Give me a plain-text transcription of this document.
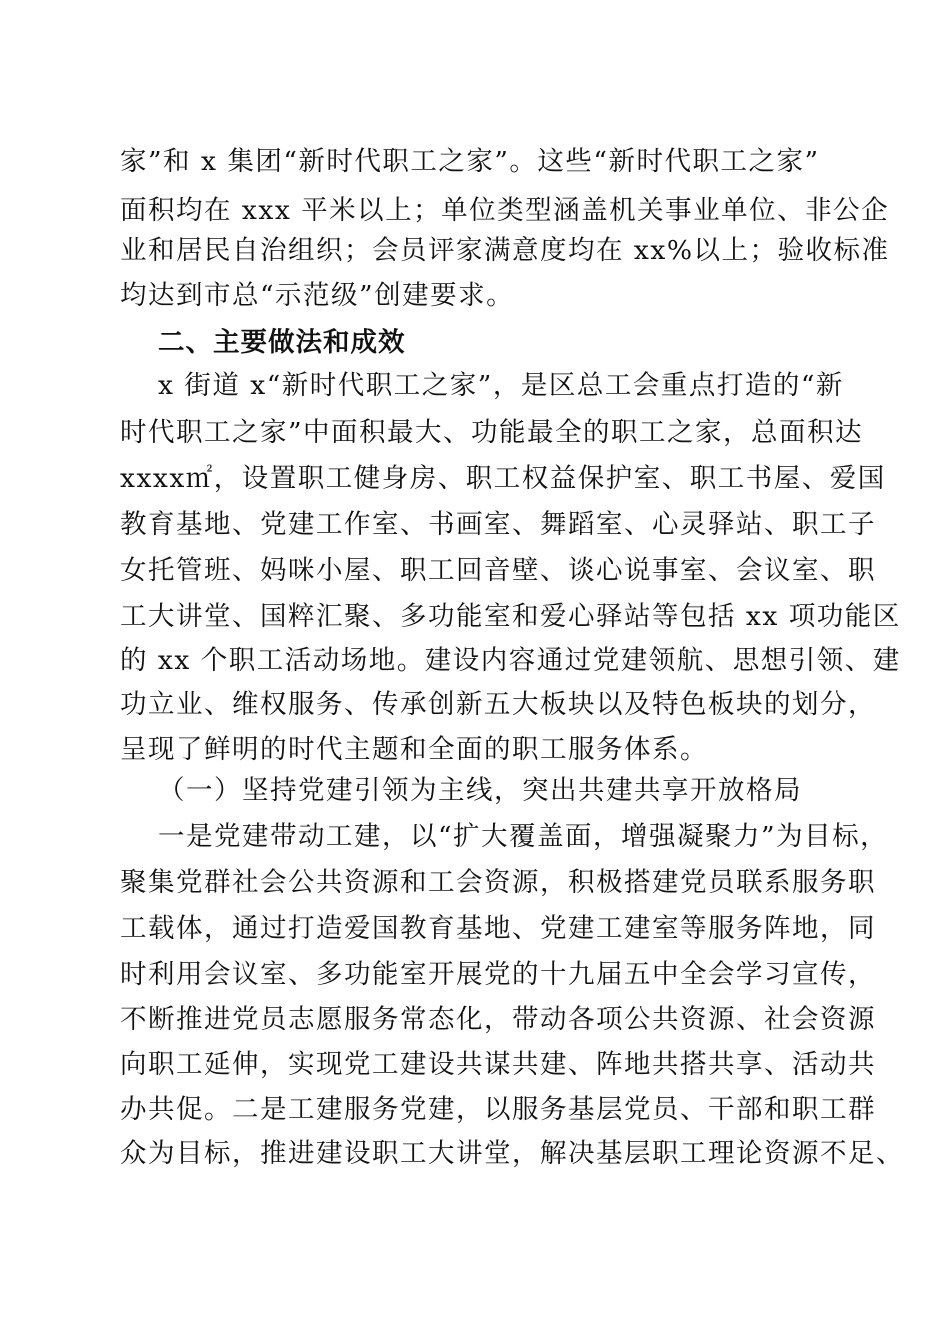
家”和 x 集团“新时代职工之家”。这些“新时代职工之家”
面积均在 xxx 平米以上；单位类型涵盖机关事业单位、非公企
业和居民自治组织；会员评家满意度均在 xx%以上；验收标准
均达到市总“示范级”创建要求。
二、主要做法和成效
x 街道 x“新时代职工之家”，是区总工会重点打造的“新
时代职工之家”中面积最大、功能最全的职工之家，总面积达
xxxx㎡，设置职工健身房、职工权益保护室、职工书屋、爱国
教育基地、党建工作室、书画室、舞蹈室、心灵驿站、职工子
女托管班、妈咪小屋、职工回音壁、谈心说事室、会议室、职
工大讲堂、国粹汇聚、多功能室和爱心驿站等包括 xx 项功能区
的 xx 个职工活动场地。建设内容通过党建领航、思想引领、建
功立业、维权服务、传承创新五大板块以及特色板块的划分，
呈现了鲜明的时代主题和全面的职工服务体系。
（一）坚持党建引领为主线，突出共建共享开放格局
一是党建带动工建，以“扩大覆盖面，增强凝聚力”为目标，
聚集党群社会公共资源和工会资源，积极搭建党员联系服务职
工载体，通过打造爱国教育基地、党建工建室等服务阵地，同
时利用会议室、多功能室开展党的十九届五中全会学习宣传，
不断推进党员志愿服务常态化，带动各项公共资源、社会资源
向职工延伸，实现党工建设共谋共建、阵地共搭共享、活动共
办共促。二是工建服务党建，以服务基层党员、干部和职工群
众为目标，推进建设职工大讲堂，解决基层职工理论资源不足、
